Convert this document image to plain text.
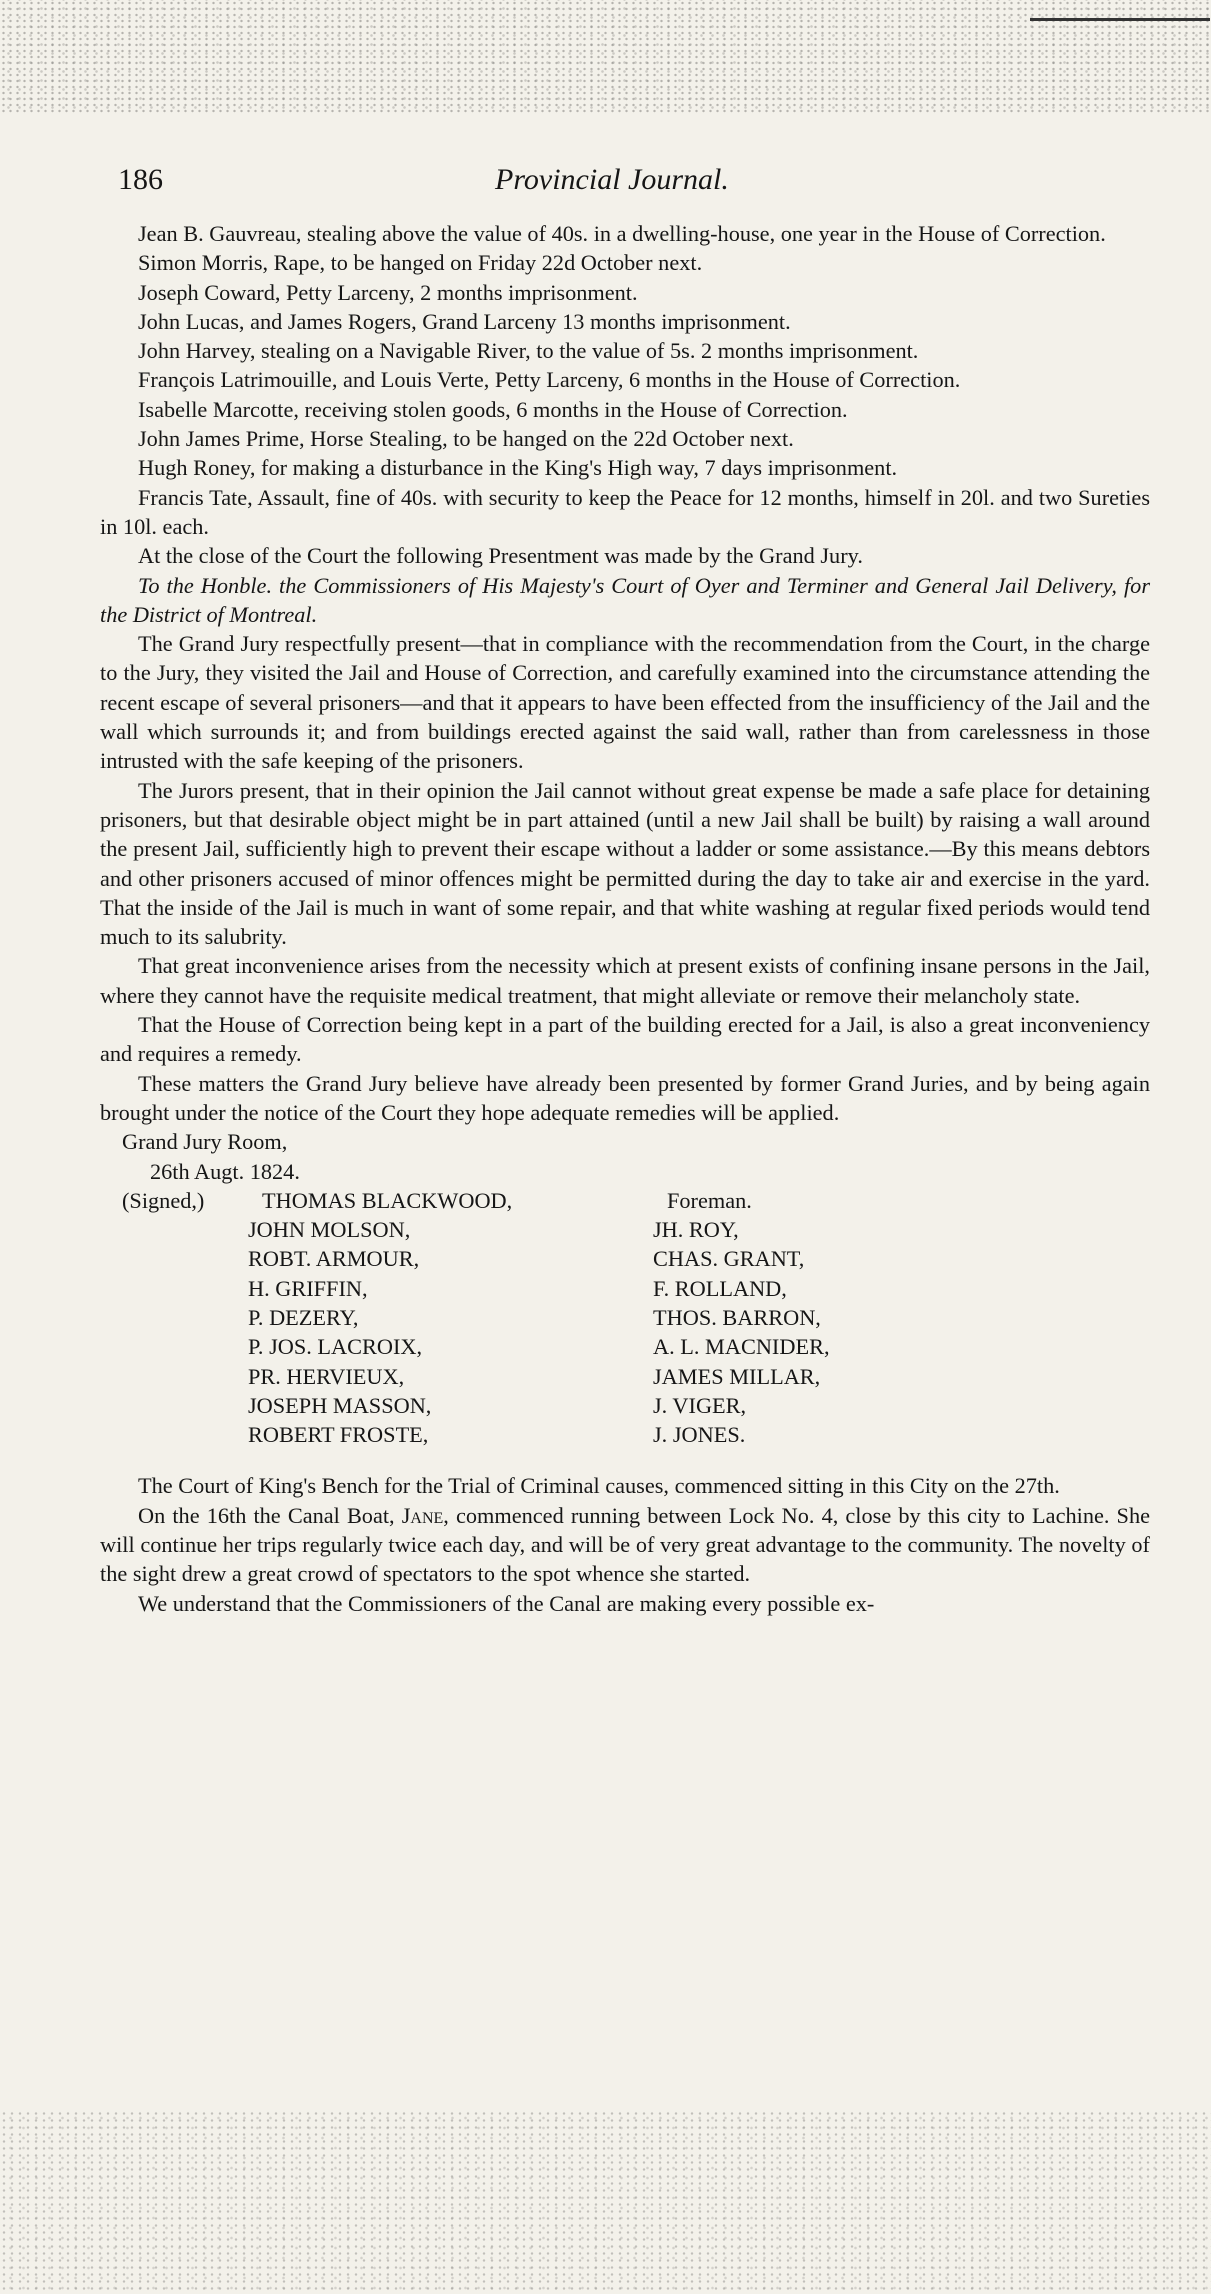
186	Provincial Journal.

Jean B. Gauvreau, stealing above the value of 40s. in a dwelling-house, one year in the House of Correction.

Simon Morris, Rape, to be hanged on Friday 22d October next.

Joseph Coward, Petty Larceny, 2 months imprisonment.

John Lucas, and James Rogers, Grand Larceny 13 months imprisonment.

John Harvey, stealing on a Navigable River, to the value of 5s. 2 months imprisonment.

François Latrimouille, and Louis Verte, Petty Larceny, 6 months in the House of Correction.

Isabelle Marcotte, receiving stolen goods, 6 months in the House of Correction.

John James Prime, Horse Stealing, to be hanged on the 22d October next.

Hugh Roney, for making a disturbance in the King's High way, 7 days imprisonment.

Francis Tate, Assault, fine of 40s. with security to keep the Peace for 12 months, himself in 20l. and two Sureties in 10l. each.

At the close of the Court the following Presentment was made by the Grand Jury.

To the Honble. the Commissioners of His Majesty's Court of Oyer and Terminer and General Jail Delivery, for the District of Montreal.

The Grand Jury respectfully present—that in compliance with the recommendation from the Court, in the charge to the Jury, they visited the Jail and House of Correction, and carefully examined into the circumstance attending the recent escape of several prisoners—and that it appears to have been effected from the insufficiency of the Jail and the wall which surrounds it; and from buildings erected against the said wall, rather than from carelessness in those intrusted with the safe keeping of the prisoners.

The Jurors present, that in their opinion the Jail cannot without great expense be made a safe place for detaining prisoners, but that desirable object might be in part attained (until a new Jail shall be built) by raising a wall around the present Jail, sufficiently high to prevent their escape without a ladder or some assistance.—By this means debtors and other prisoners accused of minor offences might be permitted during the day to take air and exercise in the yard. That the inside of the Jail is much in want of some repair, and that white washing at regular fixed periods would tend much to its salubrity.

That great inconvenience arises from the necessity which at present exists of confining insane persons in the Jail, where they cannot have the requisite medical treatment, that might alleviate or remove their melancholy state.

That the House of Correction being kept in a part of the building erected for a Jail, is also a great inconveniency and requires a remedy.

These matters the Grand Jury believe have already been presented by former Grand Juries, and by being again brought under the notice of the Court they hope adequate remedies will be applied.

Grand Jury Room,
26th Augt. 1824.
(Signed,)	THOMAS BLACKWOOD,	Foreman.
JOHN MOLSON,	JH. ROY,
ROBT. ARMOUR,	CHAS. GRANT,
H. GRIFFIN,	F. ROLLAND,
P. DEZERY,	THOS. BARRON,
P. JOS. LACROIX,	A. L. MACNIDER,
PR. HERVIEUX,	JAMES MILLAR,
JOSEPH MASSON,	J. VIGER,
ROBERT FROSTE,	J. JONES.

The Court of King's Bench for the Trial of Criminal causes, commenced sitting in this City on the 27th.

On the 16th the Canal Boat, Jane, commenced running between Lock No. 4, close by this city to Lachine. She will continue her trips regularly twice each day, and will be of very great advantage to the community. The novelty of the sight drew a great crowd of spectators to the spot whence she started.

We understand that the Commissioners of the Canal are making every possible ex-
